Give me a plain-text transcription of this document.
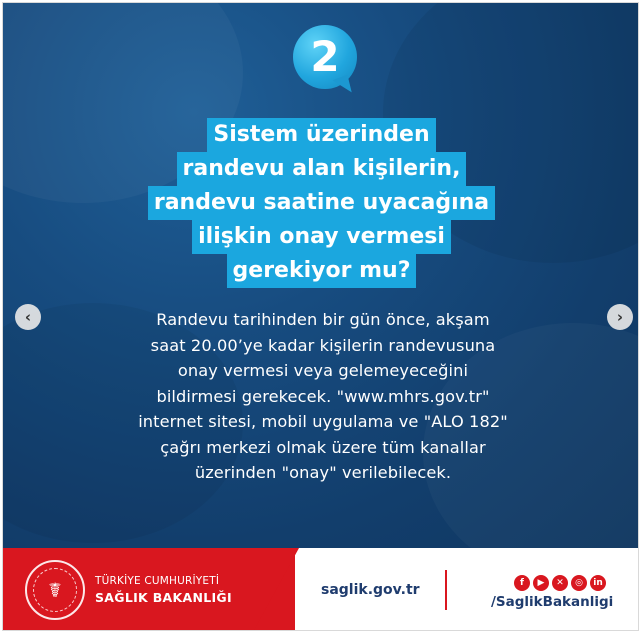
2
Sistem üzerinden
randevu alan kişilerin,
randevu saatine uyacağına
ilişkin onay vermesi
gerekiyor mu?
Randevu tarihinden bir gün önce, akşam
saat 20.00’ye kadar kişilerin randevusuna
onay vermesi veya gelemeyeceğini
bildirmesi gerekecek. "www.mhrs.gov.tr"
internet sitesi, mobil uygulama ve "ALO 182"
çağrı merkezi olmak üzere tüm kanallar
üzerinden "onay" verilebilecek.
‹	›
☤	TÜRKİYE CUMHURİYETİ
SAĞLIK BAKANLIĞI	saglik.gov.tr	f	▶	✕	◎	in
/SaglikBakanligi
